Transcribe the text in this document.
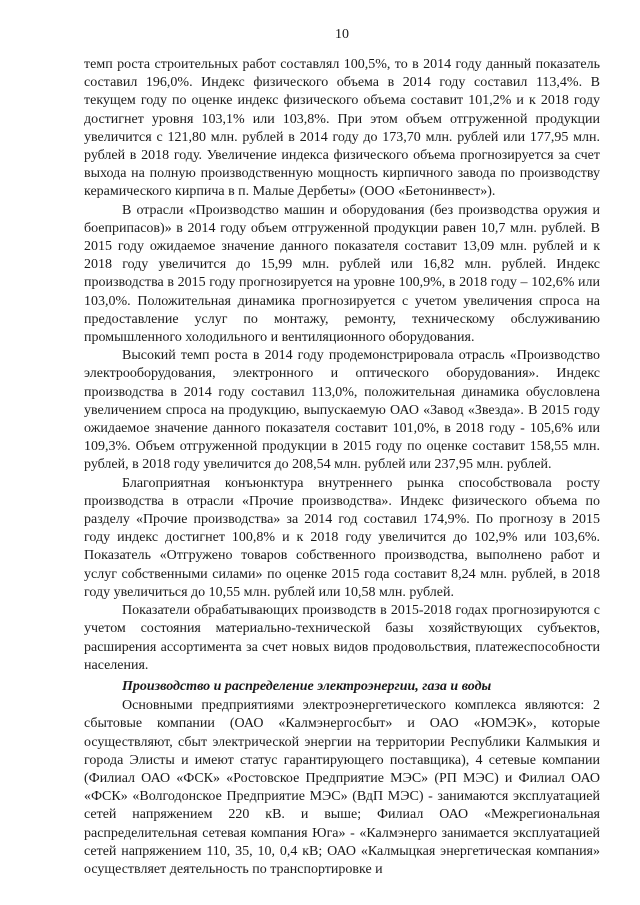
10

темп роста строительных работ составлял 100,5%, то в 2014 году данный показатель составил 196,0%. Индекс физического объема в 2014 году составил 113,4%. В текущем году по оценке индекс физического объема составит 101,2% и к 2018 году достигнет уровня 103,1% или 103,8%. При этом объем отгруженной продукции увеличится с 121,80 млн. рублей в 2014 году до 173,70 млн. рублей или 177,95 млн. рублей в 2018 году. Увеличение индекса физического объема прогнозируется за счет выхода на полную производственную мощность кирпичного завода по производству керамического кирпича в п. Малые Дербеты» (ООО «Бетонинвест»).

В отрасли «Производство машин и оборудования (без производства оружия и боеприпасов)» в 2014 году объем отгруженной продукции равен 10,7 млн. рублей. В 2015 году ожидаемое значение данного показателя составит 13,09 млн. рублей и к 2018 году увеличится до 15,99 млн. рублей или 16,82 млн. рублей. Индекс производства в 2015 году прогнозируется на уровне 100,9%, в 2018 году – 102,6% или 103,0%. Положительная динамика прогнозируется с учетом увеличения спроса на предоставление услуг по монтажу, ремонту, техническому обслуживанию промышленного холодильного и вентиляционного оборудования.

Высокий темп роста в 2014 году продемонстрировала отрасль «Производство электрооборудования, электронного и оптического оборудования». Индекс производства в 2014 году составил 113,0%, положительная динамика обусловлена увеличением спроса на продукцию, выпускаемую ОАО «Завод «Звезда». В 2015 году ожидаемое значение данного показателя составит 101,0%, в 2018 году - 105,6% или 109,3%. Объем отгруженной продукции в 2015 году по оценке составит 158,55 млн. рублей, в 2018 году увеличится до 208,54 млн. рублей или 237,95 млн. рублей.

Благоприятная конъюнктура внутреннего рынка способствовала росту производства в отрасли «Прочие производства». Индекс физического объема по разделу «Прочие производства» за 2014 год составил 174,9%. По прогнозу в 2015 году индекс достигнет 100,8% и к 2018 году увеличится до 102,9% или 103,6%. Показатель «Отгружено товаров собственного производства, выполнено работ и услуг собственными силами» по оценке 2015 года составит 8,24 млн. рублей, в 2018 году увеличиться до 10,55 млн. рублей или 10,58 млн. рублей.

Показатели обрабатывающих производств в 2015-2018 годах прогнозируются с учетом состояния материально-технической базы хозяйствующих субъектов, расширения ассортимента за счет новых видов продовольствия, платежеспособности населения.

Производство и распределение электроэнергии, газа и воды

Основными предприятиями электроэнергетического комплекса являются: 2 сбытовые компании (ОАО «Калмэнергосбыт» и ОАО «ЮМЭК», которые осуществляют, сбыт электрической энергии на территории Республики Калмыкия и города Элисты и имеют статус гарантирующего поставщика), 4 сетевые компании (Филиал ОАО «ФСК» «Ростовское Предприятие МЭС» (РП МЭС) и Филиал ОАО «ФСК» «Волгодонское Предприятие МЭС» (ВдП МЭС) - занимаются эксплуатацией сетей напряжением 220 кВ. и выше; Филиал ОАО «Межрегиональная распределительная сетевая компания Юга» - «Калмэнерго занимается эксплуатацией сетей напряжением 110, 35, 10, 0,4 кВ; ОАО «Калмыцкая энергетическая компания» осуществляет деятельность по транспортировке и
